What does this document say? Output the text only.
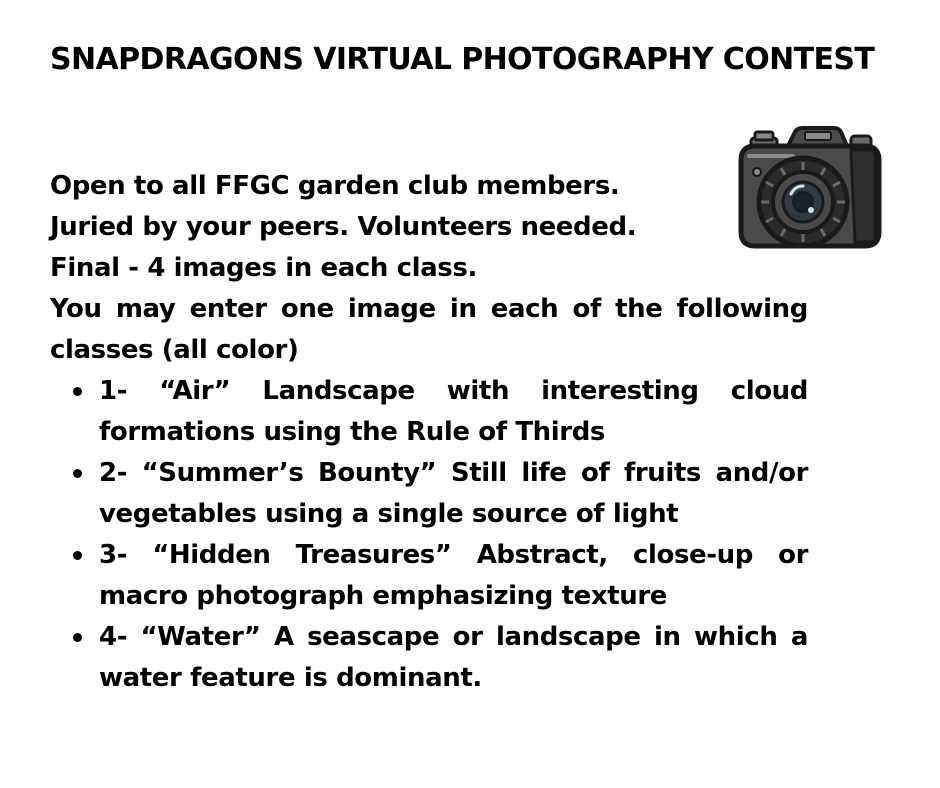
SNAPDRAGONS VIRTUAL PHOTOGRAPHY CONTEST

Open to all FFGC garden club members.

Juried by your peers. Volunteers needed.

Final - 4 images in each class.

You may enter one image in each of the following classes (all color)

1- “Air” Landscape with interesting cloud formations using the Rule of Thirds
2- “Summer’s Bounty” Still life of fruits and/or vegetables using a single source of light
3- “Hidden Treasures” Abstract, close-up or macro photograph emphasizing texture
4- “Water” A seascape or landscape in which a water feature is dominant.
